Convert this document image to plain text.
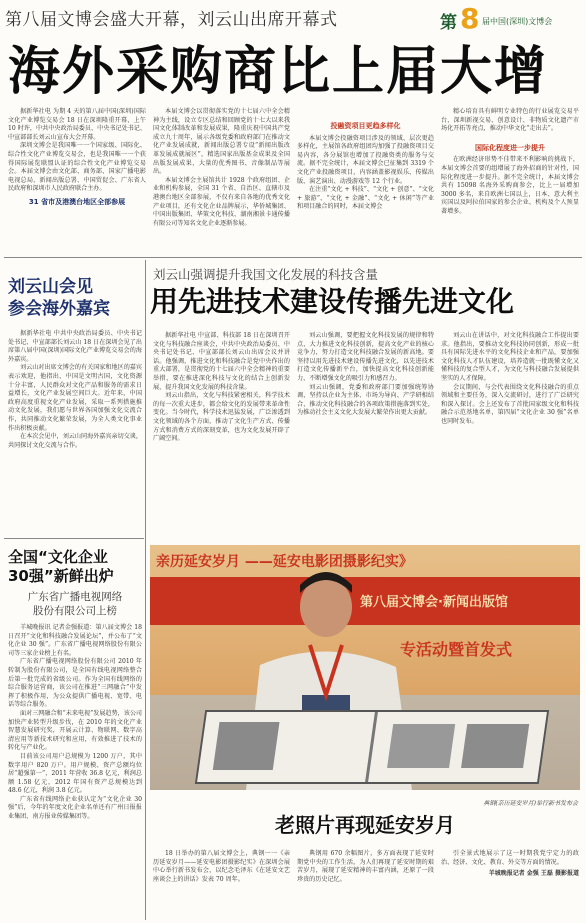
第八届文博会盛大开幕，刘云山出席开幕式	第 8 届中国(深圳)文博会
海外采购商比上届大增

据新华社电 为期 4 天的第八届中国(深圳)国际文化产业博览交易会 18 日在深圳隆重开幕，上午 10 时许，中共中央政治局委员、中央书记处书记、中宣部部长刘云山宣布大会开幕。

深圳文博会是我国唯一一个国家级、国际化、综合性文化产业博览交易会，也是我国唯一一个获得国际展览联盟认证的综合性文化产业博览交易会。本届文博会由文化部、商务部、国家广播电影电视总局、新闻出版总署、中国贸促会、广东省人民政府和深圳市人民政府联合主办。

31 省市及港澳台地区全部参展

本届文博会以贯彻落实党的十七届六中全会精神为主线，设立专区总结和回顾党的十七大以来我国文化体制改革和发展成果，隆重庆祝中国共产党成立九十周年，展示各级党委和政府部门在推动文化产业发展成就，新闻出版总署专设“新闻出版改革发展成就展区”，精选国家出版基金成果及全国出版发展成果，大量的优秀图书、音像制品等展出。

本届文博会主展馆共计 1928 个政府组团、企业和机构参展，全国 31 个省、自治区、直辖市及港澳台地区全部参展，不仅有来自各地的优秀文化产业项目，还有文化企业品牌展示，华侨城集团、中国出版集团、华策文化科技、湖南湘景卡通传播有限公司等知名文化企业逐渐参展。

投融资项目更趋多样化

本届文博会投融资项目涉及的领域、层次更趋多样化，主展馆各政府组团均加强了投融资项目交易内容，各分展馆也增加了投融资类的服务与交流。据不完全统计，本届文博会已征集到 3319 个文化产业投融资项目，内容涵盖影视娱乐、传媒出版、演艺演出、动漫游戏等 12 个行业。

在注重“文化 + 科技”、“文化 + 创意”、“文化 + 旅游”、“文化 + 金融”、“文化 + 休闲”等产业和项目融合的同时，本届文博会

精心培育具有鲜明专业特色的行业展览交易平台，深圳新视交易、创意设计、非物质文化遗产市场化开拓等亮点，推动中华文化“走出去”。

国际化程度进一步提升

在欧洲经济形势不佳带来不利影响的挑战下，本届文博会首要的组增展了海外招商的针对性，国际化程度进一步提升。据不完全统计，本届文博会共有 15098 名海外采购商参会，比上一届增加 3000 多名，来自欧洲七国以上，日本、意大利主宾国以及阿拉伯国家的参会企业、机构及个人预显著增多。

刘云山会见
参会海外嘉宾

据新华社电 中共中央政治局委员、中央书记处书记、中宣部部长刘云山 18 日在深圳会见了出席第八届中国(深圳)国际文化产业博览交易会的海外嘉宾。

刘云山对出席文博会的有关国家和地区的嘉宾表示欢迎，他指出，中国是文明古国，文化资源十分丰富，人民群众对文化产品和服务的需求日益增长，文化产业发展空间巨大。近年来，中国政府高度重视文化产业发展，采取一系列措施推动文化发展，我们愿与世界各国加强文化交流合作，共同推动文化繁荣发展，为全人类文化事业作出积极贡献。

在本次会见中，刘云山同海外嘉宾亲切交谈，共同探讨文化交流与合作。

全国“文化企业
30强”新鲜出炉
广东省广播电视网络
股份有限公司上榜

羊城晚报讯 记者金强报道：第八届文博会 18 日召开“文化和科技融合发展论坛”，并公布了“文化企业 30 强”。广东省广播电视网络股份有限公司等三家企业榜上有名。

广东省广播电视网络股份有限公司 2010 年转制为股份有限公司，是全国有线电视网络整合后第一批完成的省级公司。作为全国有线网络的综合服务运营商，该公司在推进“三网融合”中发挥了积极作用，为公众提供广播电视、宽带、电话等综合服务。

面对三网融合和“未来电视”发展趋势，该公司加快产业转型升级步伐，在 2010 年的文化产业智慧发展研究奖，开展云计算、物联网、数字高清应用等新技术研究和应用，有效推进了技术的转化与产业化。

目前该公司用户总规模为 1200 万户，其中数字用户 820 万户。用户规模、资产总额均位居“超强第一”，2011 年营收 36.8 亿元，利润总额 1.58 亿元，2012 年国有资产总规模达到 48.6 亿元，利润 3.8 亿元。

广东省有线网络企业获认定为“文化企业 30 强”后，今年的年度文化企业名单还有广州日报报业集团、南方报业传媒集团等。

刘云山强调提升我国文化发展的科技含量
用先进技术建设传播先进文化

据新华社电 中宣部、科技部 18 日在深圳召开文化与科技融合座谈会，中共中央政治局委员、中央书记处书记、中宣部部长刘云山出席会议并讲话。他强调，推进文化和科技融合是党中央作出的重大部署，是贯彻党的十七届六中全会精神的重要举措，要在推进深化科技与文化的结合上创新发展，提升我国文化发展的科技含量。

刘云山指出，文化与科技紧密相关，科学技术的每一次重大进步，都会给文化的发展带来革命性变化。当今时代，科学技术迅猛发展，广泛渗透到文化领域的各个方面，推动了文化生产方式、传播方式和消费方式的深刻变革，也为文化发展开辟了广阔空间。

刘云山强调，要把握文化科技发展的规律和特点，大力推进文化科技创新，提高文化产业的核心竞争力，努力打造文化科技融合发展的新高地。要坚持以用先进技术建设传播先进文化，以先进技术打造文化传播新平台，加快提高文化科技创新能力，不断增强文化的吸引力和感召力。

刘云山强调，党委和政府部门要加强统筹协调，坚持以企业为主体、市场为导向、产学研相结合，推动文化科技融合的各项政策措施落到实处，为推动社会主义文化大发展大繁荣作出更大贡献。

刘云山在讲话中，对文化科技融合工作提出要求。他指出，要推动文化科技协同创新，形成一批具有国际先进水平的文化科技企业和产品，要加强文化科技人才队伍建设，培养造就一批既懂文化又懂科技的复合型人才，为文化与科技融合发展提供坚实的人才保障。

会议期间，与会代表围绕文化科技融合的重点领域和主要任务，深入交流研讨，进行了广泛研究和深入探讨。会上还发布了首批国家级文化和科技融合示范基地名单，第四届“文化企业 30 强”名单也同时发布。

亲历延安岁月 ——延安电影团摄影纪实》
第八届文博会·新闻出版馆
专活动暨首发式
典钢(亲历延安岁月)举行新书发布会
老照片再现延安岁月

18 日举办的第八届文博会上，典钢一一《亲历延安岁月——延安电影团摄影纪实》在深圳会展中心举行新书发布会，以纪念毛泽东《在延安文艺座谈会上的讲话》发表 70 周年。

典钢用 670 余幅图片，多方面表现了延安时期党中央的工作生活，为人们再现了延安时期的艰苦岁月，展现了延安精神的丰富内涵，还原了一段珍贵的历史记忆。

引全景式地展示了这一时期我党宁定力的政治、经济、文化、教育、外交等方面的情况。

羊城晚报记者 金强 王磊 摄影报道
